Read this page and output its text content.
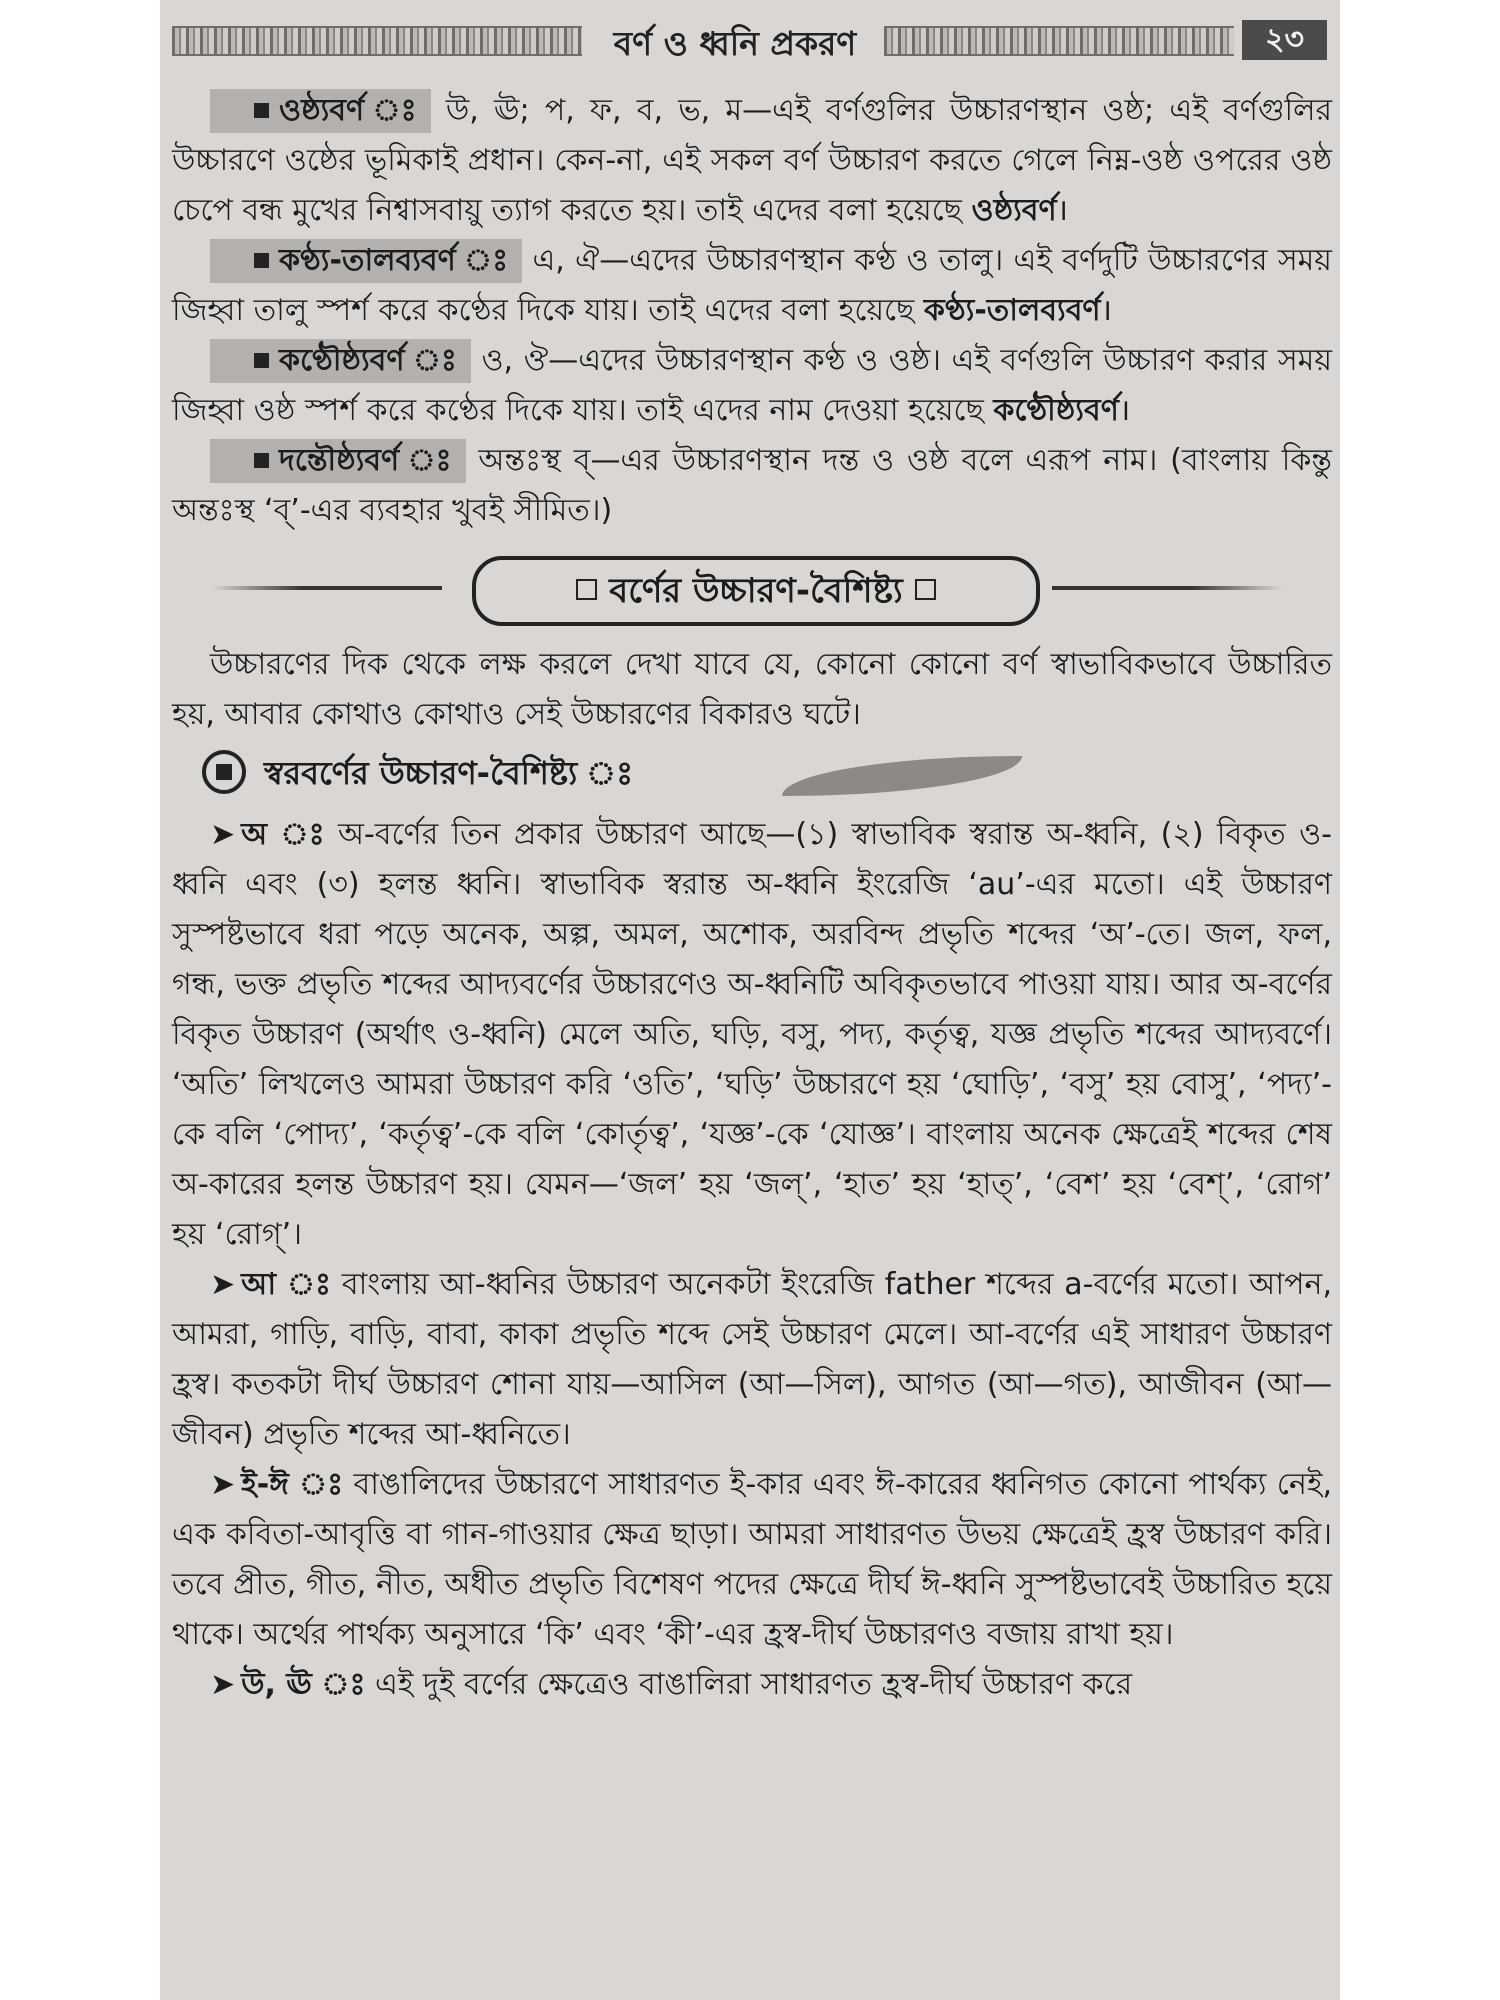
বর্ণ ও ধ্বনি প্রকরণ	২৩

ওষ্ঠ্যবর্ণ	উ, ঊ; প, ফ, ব, ভ, ম—এই বর্ণগুলির উচ্চারণস্থান ওষ্ঠ; এই বর্ণগুলির উচ্চারণে ওষ্ঠের ভূমিকাই প্রধান। কেন-না, এই সকল বর্ণ উচ্চারণ করতে গেলে নিম্ন-ওষ্ঠ ওপরের ওষ্ঠ চেপে বন্ধ মুখের নিশ্বাসবায়ু ত্যাগ করতে হয়। তাই এদের বলা হয়েছে ওষ্ঠ্যবর্ণ।

কণ্ঠ্য-তালব্যবর্ণ	এ, ঐ—এদের উচ্চারণস্থান কণ্ঠ ও তালু। এই বর্ণদুটি উচ্চারণের সময় জিহ্বা তালু স্পর্শ করে কণ্ঠের দিকে যায়। তাই এদের বলা হয়েছে কণ্ঠ্য-তালব্যবর্ণ।

কণ্ঠৌষ্ঠ্যবর্ণ	ও, ঔ—এদের উচ্চারণস্থান কণ্ঠ ও ওষ্ঠ। এই বর্ণগুলি উচ্চারণ করার সময় জিহ্বা ওষ্ঠ স্পর্শ করে কণ্ঠের দিকে যায়। তাই এদের নাম দেওয়া হয়েছে কণ্ঠৌষ্ঠ্যবর্ণ।

দন্তৌষ্ঠ্যবর্ণ	অন্তঃস্থ ব্—এর উচ্চারণস্থান দন্ত ও ওষ্ঠ বলে এরূপ নাম। (বাংলায় কিন্তু অন্তঃস্থ ‘ব্’-এর ব্যবহার খুবই সীমিত।)

বর্ণের উচ্চারণ-বৈশিষ্ট্য

উচ্চারণের দিক থেকে লক্ষ করলে দেখা যাবে যে, কোনো কোনো বর্ণ স্বাভাবিকভাবে উচ্চারিত হয়, আবার কোথাও কোথাও সেই উচ্চারণের বিকারও ঘটে।

স্বরবর্ণের উচ্চারণ-বৈশিষ্ট্য ঃ

➤ অ ঃ অ-বর্ণের তিন প্রকার উচ্চারণ আছে—(১) স্বাভাবিক স্বরান্ত অ-ধ্বনি, (২) বিকৃত ও-ধ্বনি এবং (৩) হলন্ত ধ্বনি। স্বাভাবিক স্বরান্ত অ-ধ্বনি ইংরেজি ‘au’-এর মতো। এই উচ্চারণ সুস্পষ্টভাবে ধরা পড়ে অনেক, অল্প, অমল, অশোক, অরবিন্দ প্রভৃতি শব্দের ‘অ’-তে। জল, ফল, গন্ধ, ভক্ত প্রভৃতি শব্দের আদ্যবর্ণের উচ্চারণেও অ-ধ্বনিটি অবিকৃতভাবে পাওয়া যায়। আর অ-বর্ণের বিকৃত উচ্চারণ (অর্থাৎ ও-ধ্বনি) মেলে অতি, ঘড়ি, বসু, পদ্য, কর্তৃত্ব, যজ্ঞ প্রভৃতি শব্দের আদ্যবর্ণে। ‘অতি’ লিখলেও আমরা উচ্চারণ করি ‘ওতি’, ‘ঘড়ি’ উচ্চারণে হয় ‘ঘোড়ি’, ‘বসু’ হয় বোসু’, ‘পদ্য’-কে বলি ‘পোদ্য’, ‘কর্তৃত্ব’-কে বলি ‘কোর্তৃত্ব’, ‘যজ্ঞ’-কে ‘যোজ্ঞ’। বাংলায় অনেক ক্ষেত্রেই শব্দের শেষ অ-কারের হলন্ত উচ্চারণ হয়। যেমন—‘জল’ হয় ‘জল্’, ‘হাত’ হয় ‘হাত্’, ‘বেশ’ হয় ‘বেশ্’, ‘রোগ’ হয় ‘রোগ্’।

➤ আ ঃ বাংলায় আ-ধ্বনির উচ্চারণ অনেকটা ইংরেজি father শব্দের a-বর্ণের মতো। আপন, আমরা, গাড়ি, বাড়ি, বাবা, কাকা প্রভৃতি শব্দে সেই উচ্চারণ মেলে। আ-বর্ণের এই সাধারণ উচ্চারণ হ্রস্ব। কতকটা দীর্ঘ উচ্চারণ শোনা যায়—আসিল (আ—সিল), আগত (আ—গত), আজীবন (আ—জীবন) প্রভৃতি শব্দের আ-ধ্বনিতে।

➤ ই-ঈ ঃ বাঙালিদের উচ্চারণে সাধারণত ই-কার এবং ঈ-কারের ধ্বনিগত কোনো পার্থক্য নেই, এক কবিতা-আবৃত্তি বা গান-গাওয়ার ক্ষেত্র ছাড়া। আমরা সাধারণত উভয় ক্ষেত্রেই হ্রস্ব উচ্চারণ করি। তবে প্রীত, গীত, নীত, অধীত প্রভৃতি বিশেষণ পদের ক্ষেত্রে দীর্ঘ ঈ-ধ্বনি সুস্পষ্টভাবেই উচ্চারিত হয়ে থাকে। অর্থের পার্থক্য অনুসারে ‘কি’ এবং ‘কী’-এর হ্রস্ব-দীর্ঘ উচ্চারণও বজায় রাখা হয়।

➤ উ, ঊ ঃ এই দুই বর্ণের ক্ষেত্রেও বাঙালিরা সাধারণত হ্রস্ব-দীর্ঘ উচ্চারণ করে
